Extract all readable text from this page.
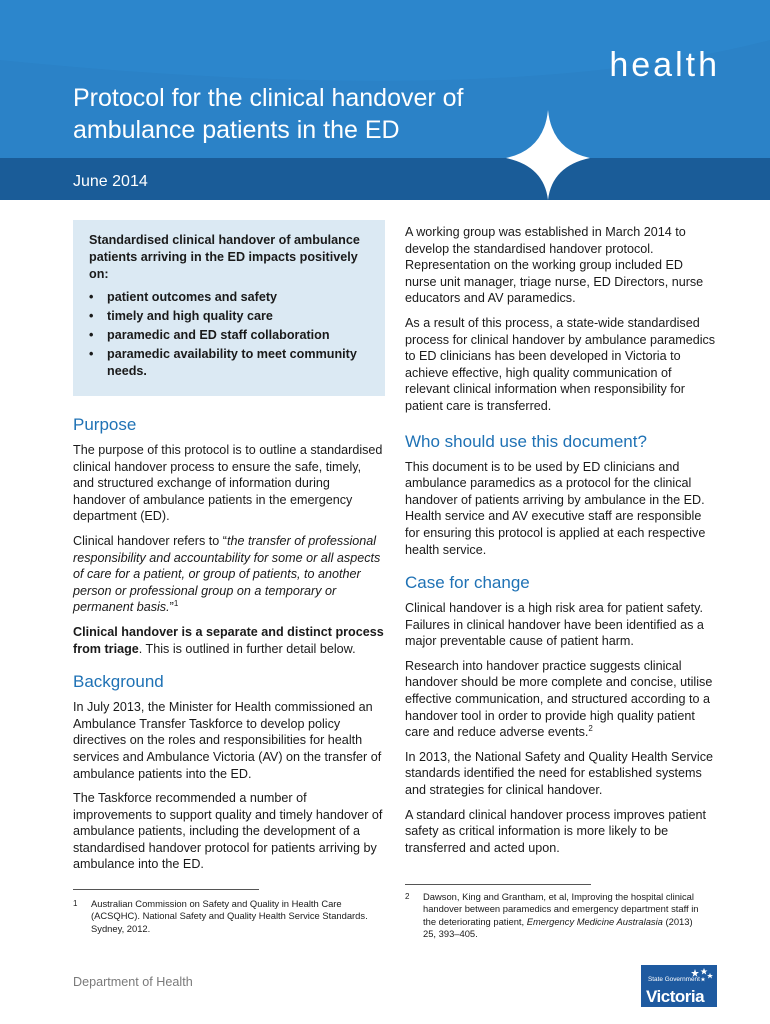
health
Protocol for the clinical handover of ambulance patients in the ED
June 2014

Standardised clinical handover of ambulance patients arriving in the ED impacts positively on:

• patient outcomes and safety
• timely and high quality care
• paramedic and ED staff collaboration
• paramedic availability to meet community needs.
Purpose

The purpose of this protocol is to outline a standardised clinical handover process to ensure the safe, timely, and structured exchange of information during handover of ambulance patients in the emergency department (ED).

Clinical handover refers to “the transfer of professional responsibility and accountability for some or all aspects of care for a patient, or group of patients, to another person or professional group on a temporary or permanent basis.”$^1$

Clinical handover is a separate and distinct process from triage. This is outlined in further detail below.

Background

In July 2013, the Minister for Health commissioned an Ambulance Transfer Taskforce to develop policy directives on the roles and responsibilities for health services and Ambulance Victoria (AV) on the transfer of ambulance patients into the ED.

The Taskforce recommended a number of improvements to support quality and timely handover of ambulance patients, including the development of a standardised handover protocol for patients arriving by ambulance into the ED.

A working group was established in March 2014 to develop the standardised handover protocol. Representation on the working group included ED nurse unit manager, triage nurse, ED Directors, nurse educators and AV paramedics.

As a result of this process, a state-wide standardised process for clinical handover by ambulance paramedics to ED clinicians has been developed in Victoria to achieve effective, high quality communication of relevant clinical information when responsibility for patient care is transferred.

Who should use this document?

This document is to be used by ED clinicians and ambulance paramedics as a protocol for the clinical handover of patients arriving by ambulance in the ED. Health service and AV executive staff are responsible for ensuring this protocol is applied at each respective health service.

Case for change

Clinical handover is a high risk area for patient safety. Failures in clinical handover have been identified as a major preventable cause of patient harm.

Research into handover practice suggests clinical handover should be more complete and concise, utilise effective communication, and structured according to a handover tool in order to provide high quality patient care and reduce adverse events.$^2$

In 2013, the National Safety and Quality Health Service standards identified the need for established systems and strategies for clinical handover.

A standard clinical handover process improves patient safety as critical information is more likely to be transferred and acted upon.

1 Australian Commission on Safety and Quality in Health Care (ACSQHC). National Safety and Quality Health Service Standards. Sydney, 2012.
2 Dawson, King and Grantham, et al, Improving the hospital clinical handover between paramedics and emergency department staff in the deteriorating patient, Emergency Medicine Australasia (2013) 25, 393–405.
Department of Health	State Government
Victoria
